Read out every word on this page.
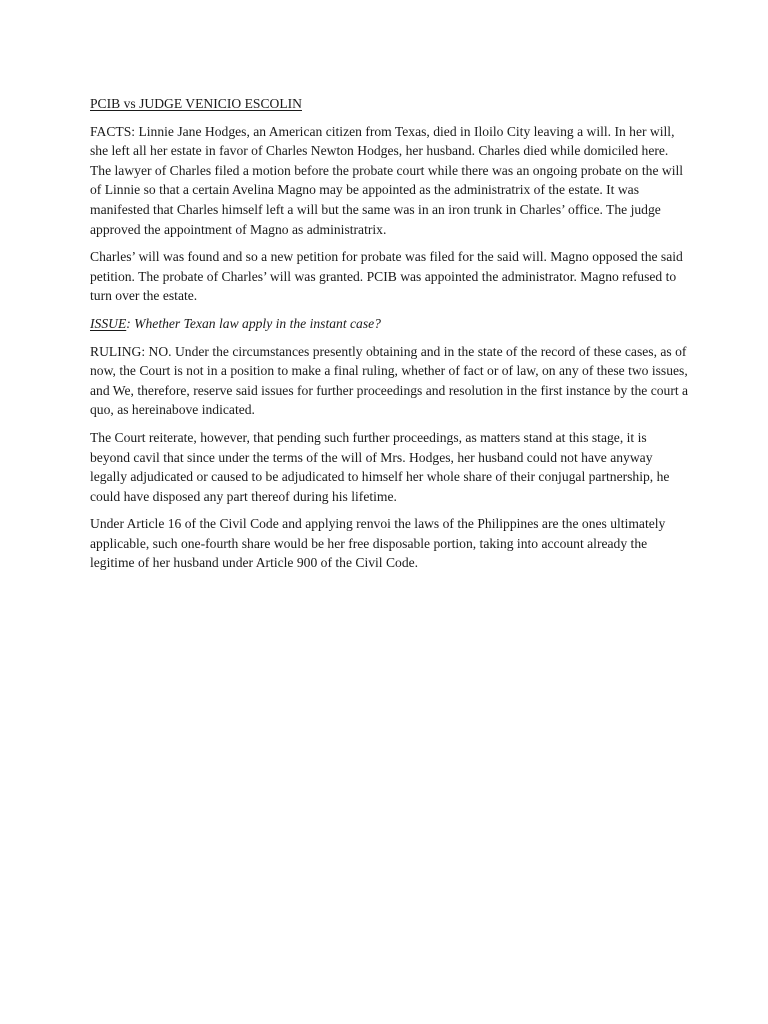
PCIB vs JUDGE VENICIO ESCOLIN

FACTS: Linnie Jane Hodges, an American citizen from Texas, died in Iloilo City leaving a will. In her will, she left all her estate in favor of Charles Newton Hodges, her husband. Charles died while domiciled here. The lawyer of Charles filed a motion before the probate court while there was an ongoing probate on the will of Linnie so that a certain Avelina Magno may be appointed as the administratrix of the estate. It was manifested that Charles himself left a will but the same was in an iron trunk in Charles’ office. The judge approved the appointment of Magno as administratrix.

Charles’ will was found and so a new petition for probate was filed for the said will. Magno opposed the said petition. The probate of Charles’ will was granted. PCIB was appointed the administrator. Magno refused to turn over the estate.

ISSUE: Whether Texan law apply in the instant case?

RULING: NO. Under the circumstances presently obtaining and in the state of the record of these cases, as of now, the Court is not in a position to make a final ruling, whether of fact or of law, on any of these two issues, and We, therefore, reserve said issues for further proceedings and resolution in the first instance by the court a quo, as hereinabove indicated.

The Court reiterate, however, that pending such further proceedings, as matters stand at this stage, it is beyond cavil that since under the terms of the will of Mrs. Hodges, her husband could not have anyway legally adjudicated or caused to be adjudicated to himself her whole share of their conjugal partnership, he could have disposed any part thereof during his lifetime.

Under Article 16 of the Civil Code and applying renvoi the laws of the Philippines are the ones ultimately applicable, such one-fourth share would be her free disposable portion, taking into account already the legitime of her husband under Article 900 of the Civil Code.
